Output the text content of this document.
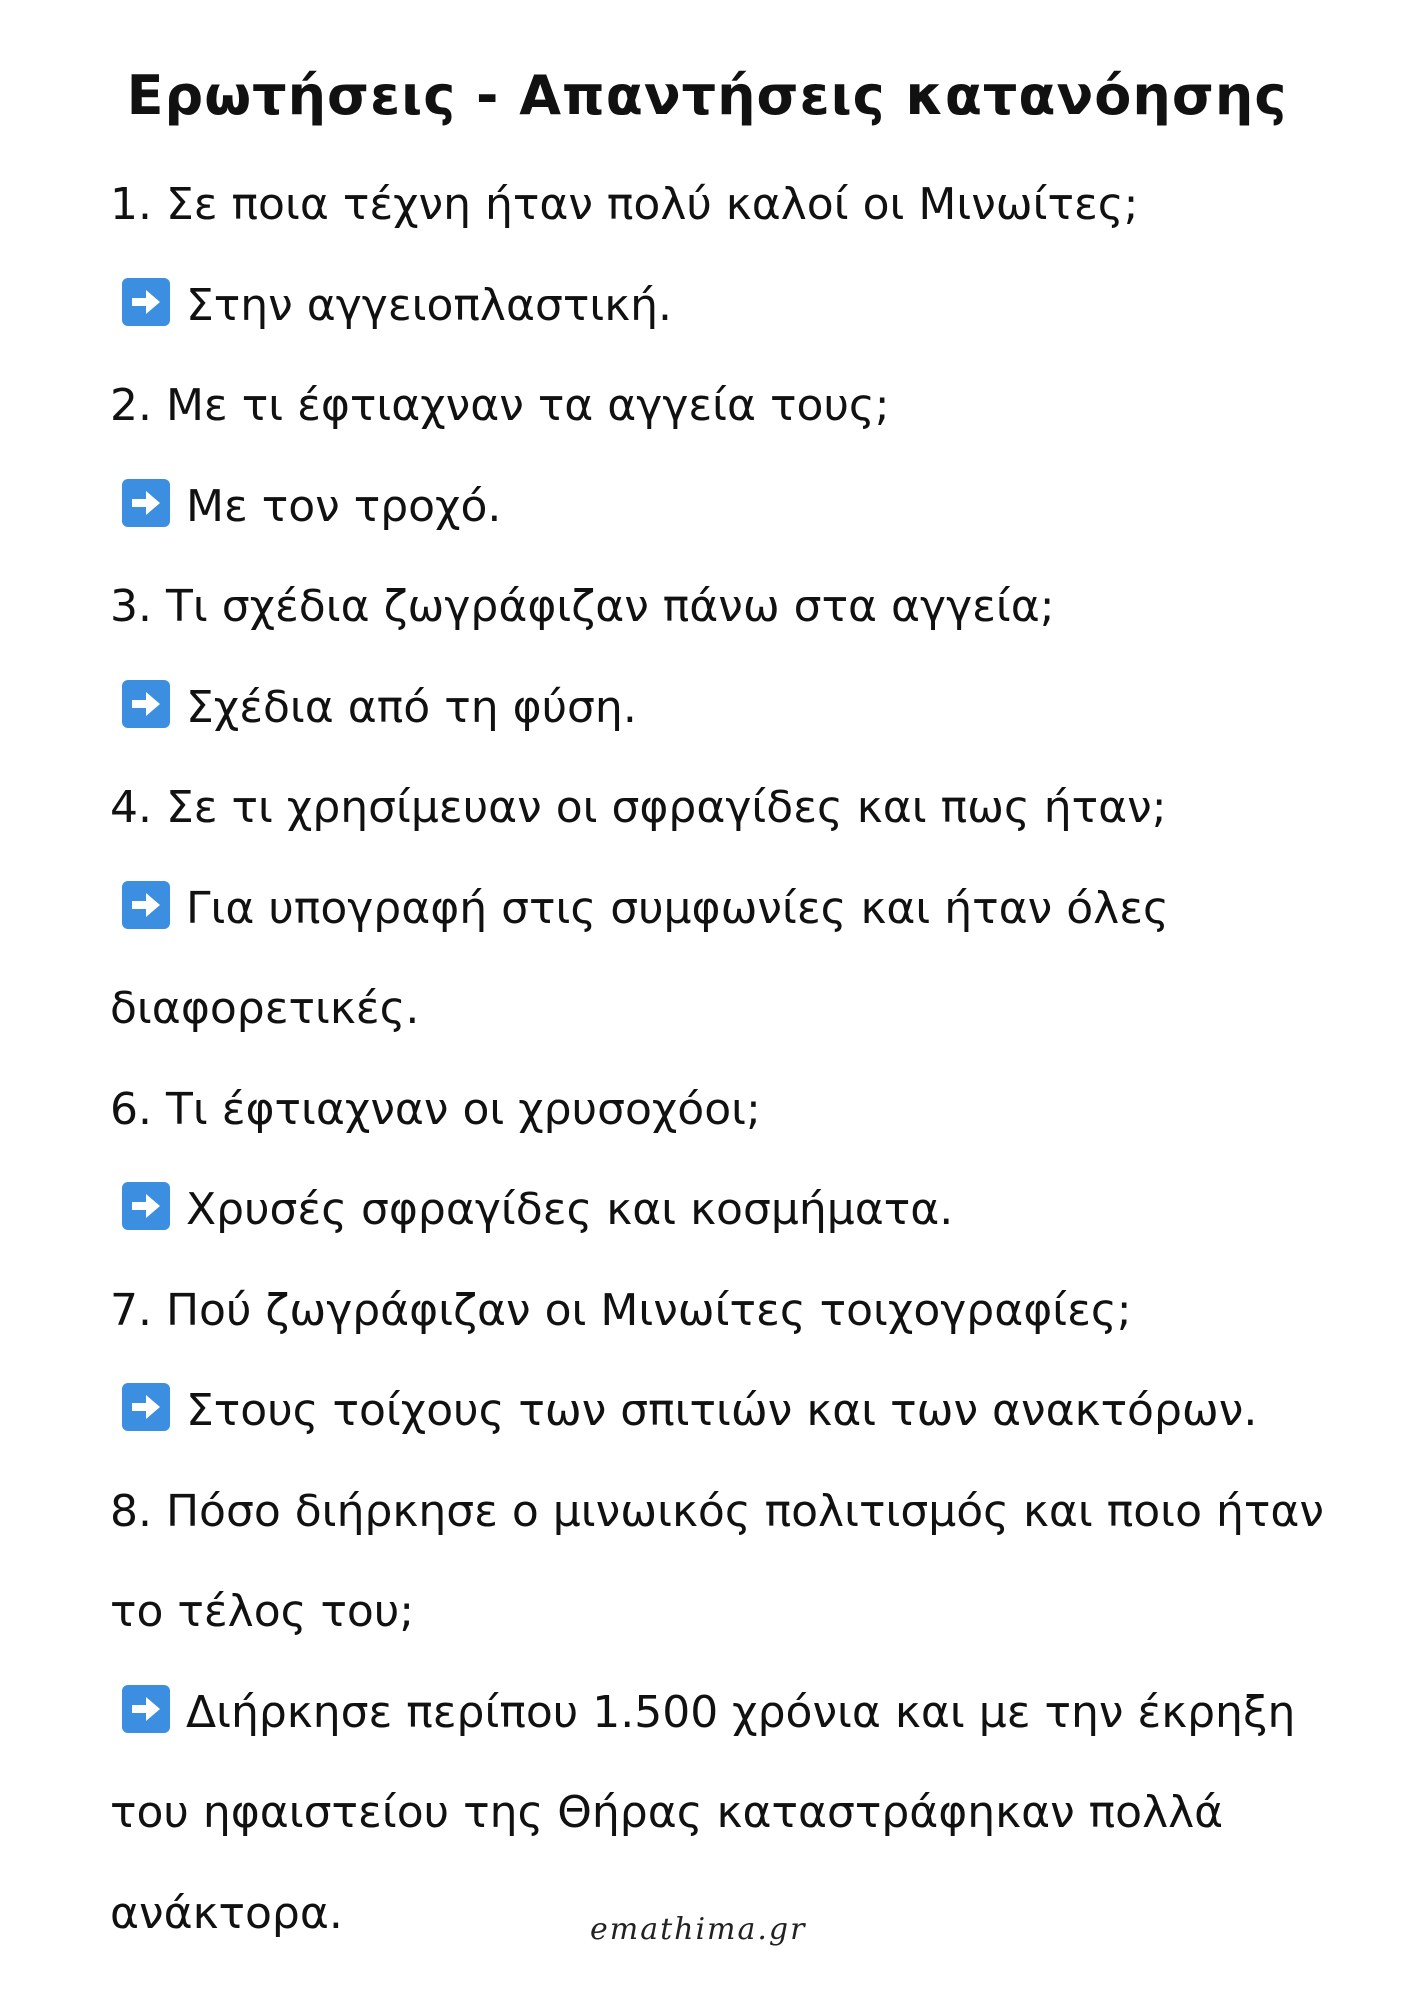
Ερωτήσεις - Απαντήσεις κατανόησης
1. Σε ποια τέχνη ήταν πολύ καλοί οι Μινωίτες;
Στην αγγειοπλαστική.
2. Με τι έφτιαχναν τα αγγεία τους;
Με τον τροχό.
3. Τι σχέδια ζωγράφιζαν πάνω στα αγγεία;
Σχέδια από τη φύση.
4. Σε τι χρησίμευαν οι σφραγίδες και πως ήταν;
Για υπογραφή στις συμφωνίες και ήταν όλες
διαφορετικές.
6. Τι έφτιαχναν οι χρυσοχόοι;
Χρυσές σφραγίδες και κοσμήματα.
7. Πού ζωγράφιζαν οι Μινωίτες τοιχογραφίες;
Στους τοίχους των σπιτιών και των ανακτόρων.
8. Πόσο διήρκησε ο μινωικός πολιτισμός και ποιο ήταν
το τέλος του;
Διήρκησε περίπου 1.500 χρόνια και με την έκρηξη
του ηφαιστείου της Θήρας καταστράφηκαν πολλά
ανάκτορα.	emathima.gr
